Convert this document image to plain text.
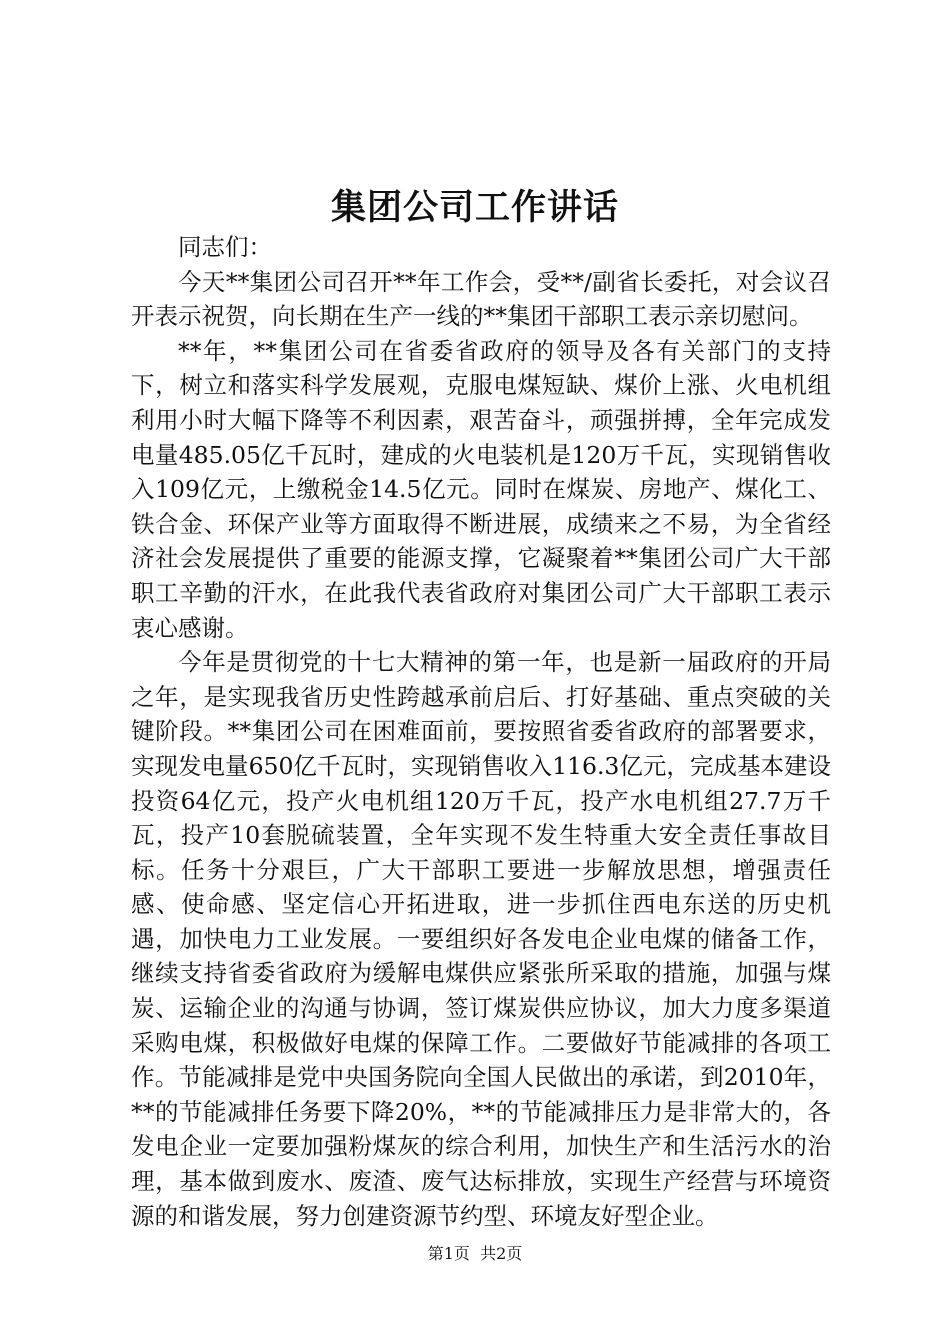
集团公司工作讲话

同志们：

今天**集团公司召开**年工作会，受**/副省长委托，对会议召开表示祝贺，向长期在生产一线的**集团干部职工表示亲切慰问。

**年，**集团公司在省委省政府的领导及各有关部门的支持下，树立和落实科学发展观，克服电煤短缺、煤价上涨、火电机组利用小时大幅下降等不利因素，艰苦奋斗，顽强拼搏，全年完成发电量485.05亿千瓦时，建成的火电装机是120万千瓦，实现销售收入109亿元，上缴税金14.5亿元。同时在煤炭、房地产、煤化工、铁合金、环保产业等方面取得不断进展，成绩来之不易，为全省经济社会发展提供了重要的能源支撑，它凝聚着**集团公司广大干部职工辛勤的汗水，在此我代表省政府对集团公司广大干部职工表示衷心感谢。

今年是贯彻党的十七大精神的第一年，也是新一届政府的开局之年，是实现我省历史性跨越承前启后、打好基础、重点突破的关键阶段。**集团公司在困难面前，要按照省委省政府的部署要求，实现发电量650亿千瓦时，实现销售收入116.3亿元，完成基本建设投资64亿元，投产火电机组120万千瓦，投产水电机组27.7万千瓦，投产10套脱硫装置，全年实现不发生特重大安全责任事故目标。任务十分艰巨，广大干部职工要进一步解放思想，增强责任感、使命感、坚定信心开拓进取，进一步抓住西电东送的历史机遇，加快电力工业发展。一要组织好各发电企业电煤的储备工作，继续支持省委省政府为缓解电煤供应紧张所采取的措施，加强与煤炭、运输企业的沟通与协调，签订煤炭供应协议，加大力度多渠道采购电煤，积极做好电煤的保障工作。二要做好节能减排的各项工作。节能减排是党中央国务院向全国人民做出的承诺，到2010年，**的节能减排任务要下降20%，**的节能减排压力是非常大的，各发电企业一定要加强粉煤灰的综合利用，加快生产和生活污水的治理，基本做到废水、废渣、废气达标排放，实现生产经营与环境资源的和谐发展，努力创建资源节约型、环境友好型企业。

第1页 共2页
